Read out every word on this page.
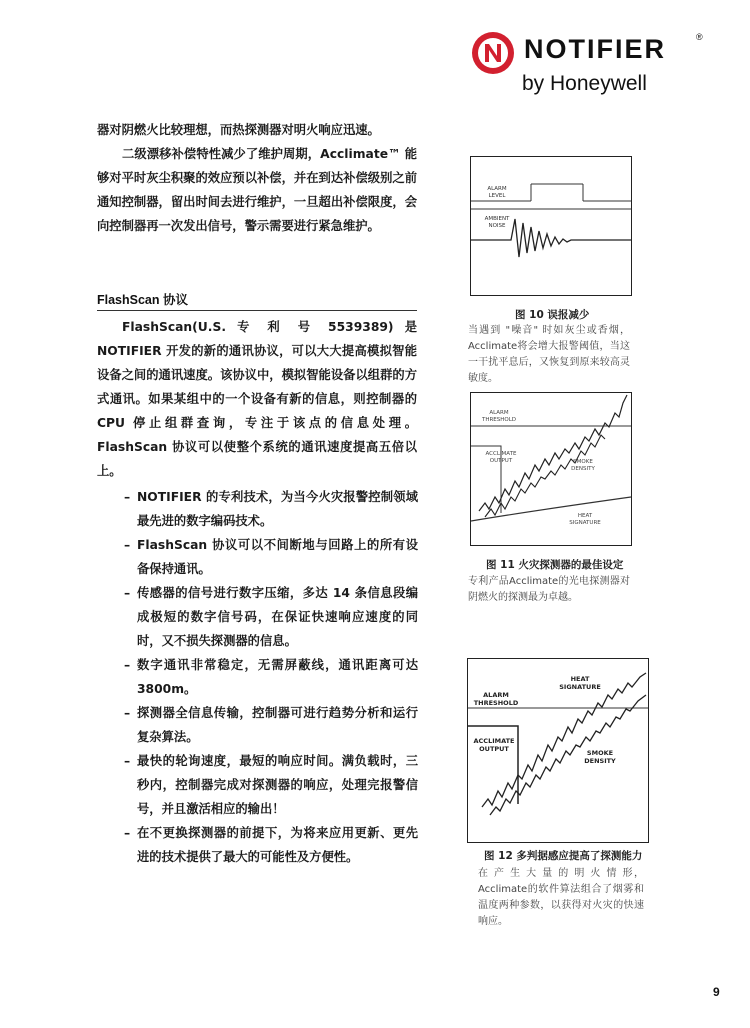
NOTIFIER	®
by Honeywell

器对阴燃火比较理想，而热探测器对明火响应迅速。

二级漂移补偿特性减少了维护周期，Acclimate™ 能够对平时灰尘积聚的效应预以补偿，并在到达补偿级别之前通知控制器，留出时间去进行维护，一旦超出补偿限度，会向控制器再一次发出信号，警示需要进行紧急维护。

FlashScan 协议

FlashScan(U.S. 专 利 号 5539389) 是 NOTIFIER 开发的新的通讯协议，可以大大提高模拟智能设备之间的通讯速度。该协议中，模拟智能设备以组群的方式通讯。如果某组中的一个设备有新的信息，则控制器的 CPU 停止组群查询，专注于该点的信息处理。FlashScan 协议可以使整个系统的通讯速度提高五倍以上。

– NOTIFIER 的专利技术，为当今火灾报警控制领域最先进的数字编码技术。
– FlashScan 协议可以不间断地与回路上的所有设备保持通讯。
– 传感器的信号进行数字压缩，多达 14 条信息段编成极短的数字信号码，在保证快速响应速度的同时，又不损失探测器的信息。
– 数字通讯非常稳定，无需屏蔽线，通讯距离可达 3800m。
– 探测器全信息传输，控制器可进行趋势分析和运行复杂算法。
– 最快的轮询速度，最短的响应时间。满负载时，三秒内，控制器完成对探测器的响应，处理完报警信号，并且激活相应的输出！
– 在不更换探测器的前提下，为将来应用更新、更先进的技术提供了最大的可能性及方便性。
ALARM LEVEL
AMBIENT NOISE
图 10 误报减少
当遇到 "噪音" 时如灰尘或香烟，Acclimate将会增大报警阈值，当这一干扰平息后，又恢复到原来较高灵敏度。
ALARM THRESHOLD
ACCLIMATE OUTPUT	SMOKE DENSITY
HEAT SIGNATURE
图 11 火灾探测器的最佳设定
专利产品Acclimate的光电探测器对阴燃火的探测最为卓越。
HEAT SIGNATURE
ALARM THRESHOLD
ACCLIMATE OUTPUT	SMOKE DENSITY
图 12 多判据感应提高了探测能力
在 产 生 大 量 的 明 火 情 形，Acclimate的软件算法组合了烟雾和温度两种参数，以获得对火灾的快速响应。
9
